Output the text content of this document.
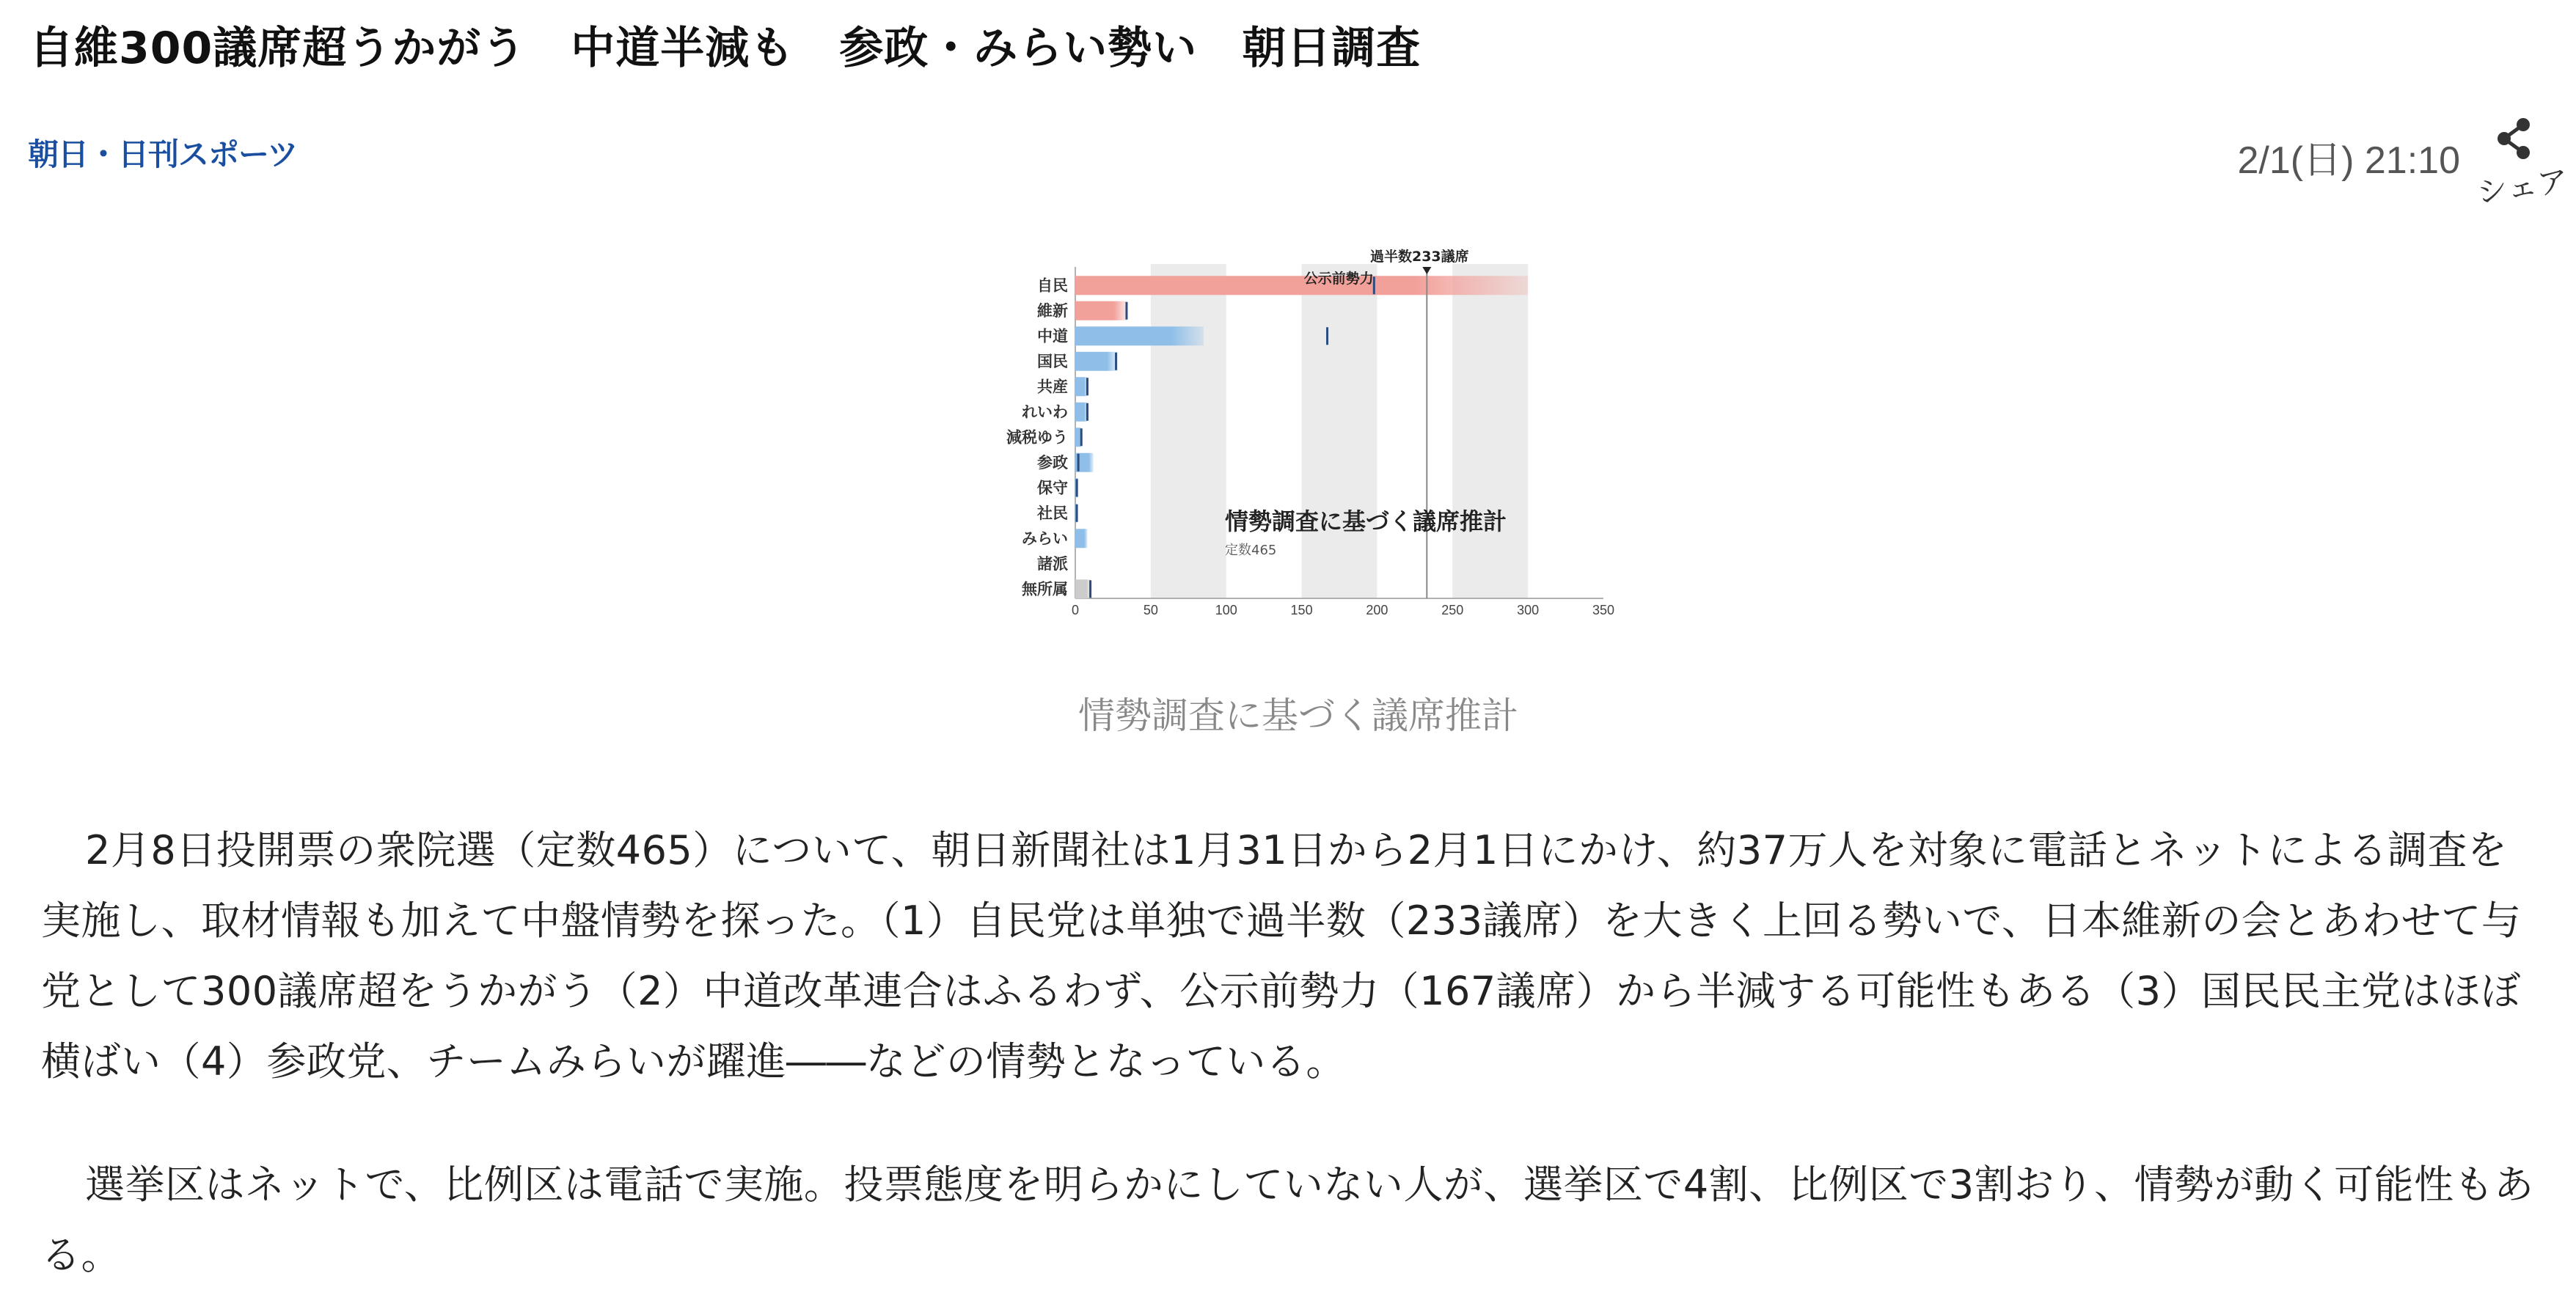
自維300議席超うかがう　中道半減も　参政・みらい勢い　朝日調査
朝日・日刊スポーツ	2/1(日) 21:10
シェア
0	50	100	150	200	250	300	350
自民
維新
中道
国民
共産
れいわ
減税ゆう
参政
保守
社民
みらい
諸派
無所属
過半数233議席
公示前勢力
情勢調査に基づく議席推計
定数465
情勢調査に基づく議席推計

2月8日投開票の衆院選（定数465）について、朝日新聞社は1月31日から2月1日にかけ、約37万人を対象に電話とネットによる調査を実施し、取材情報も加えて中盤情勢を探った。（1）自民党は単独で過半数（233議席）を大きく上回る勢いで、日本維新の会とあわせて与党として300議席超をうかがう（2）中道改革連合はふるわず、公示前勢力（167議席）から半減する可能性もある（3）国民民主党はほぼ横ばい（4）参政党、チームみらいが躍進――などの情勢となっている。

選挙区はネットで、比例区は電話で実施。投票態度を明らかにしていない人が、選挙区で4割、比例区で3割おり、情勢が動く可能性もある。
